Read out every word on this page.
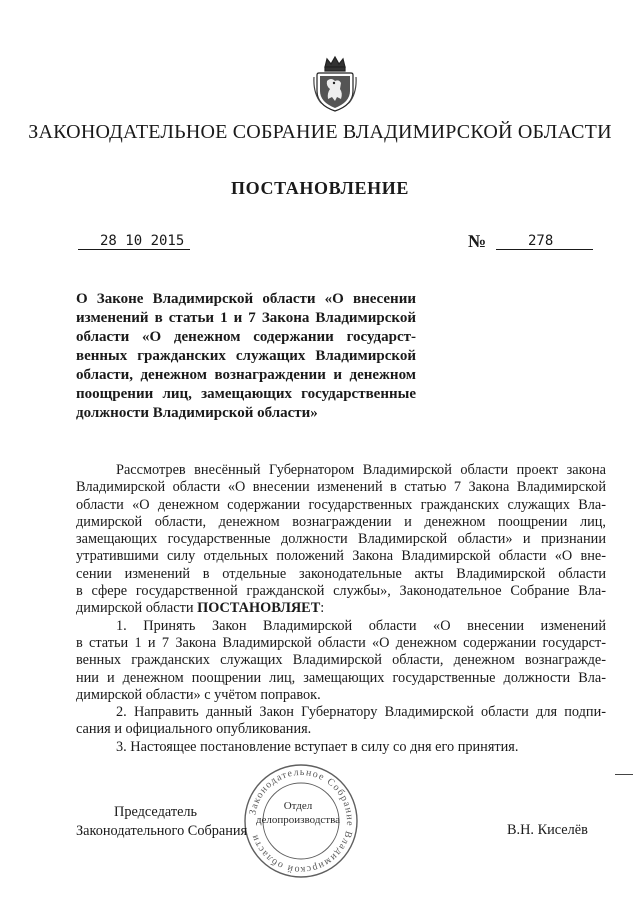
ЗАКОНОДАТЕЛЬНОЕ СОБРАНИЕ ВЛАДИМИРСКОЙ ОБЛАСТИ
ПОСТАНОВЛЕНИЕ
28 10 2015	№	278
О Законе Владимирской области «О внесении
изменений в статьи 1 и 7 Закона Владимирской
области «О денежном содержании государст-
венных гражданских служащих Владимирской
области, денежном вознаграждении и денежном
поощрении лиц, замещающих государственные
должности Владимирской области»
Рассмотрев внесённый Губернатором Владимирской области проект закона
Владимирской области «О внесении изменений в статью 7 Закона Владимирской
области «О денежном содержании государственных гражданских служащих Вла-
димирской области, денежном вознаграждении и денежном поощрении лиц,
замещающих государственные должности Владимирской области» и признании
утратившими силу отдельных положений Закона Владимирской области «О вне-
сении изменений в отдельные законодательные акты Владимирской области
в сфере государственной гражданской службы», Законодательное Собрание Вла-
димирской области ПОСТАНОВЛЯЕТ:
1. Принять Закон Владимирской области «О внесении изменений
в статьи 1 и 7 Закона Владимирской области «О денежном содержании государст-
венных гражданских служащих Владимирской области, денежном вознагражде-
нии и денежном поощрении лиц, замещающих государственные должности Вла-
димирской области» с учётом поправок.
2. Направить данный Закон Губернатору Владимирской области для подпи-
сания и официального опубликования.
3. Настоящее постановление вступает в силу со дня его принятия.
Законодательное Собрание Владимирской области
Отдел
делопроизводства
Председатель
Законодательного Собрания	В.Н. Киселёв
